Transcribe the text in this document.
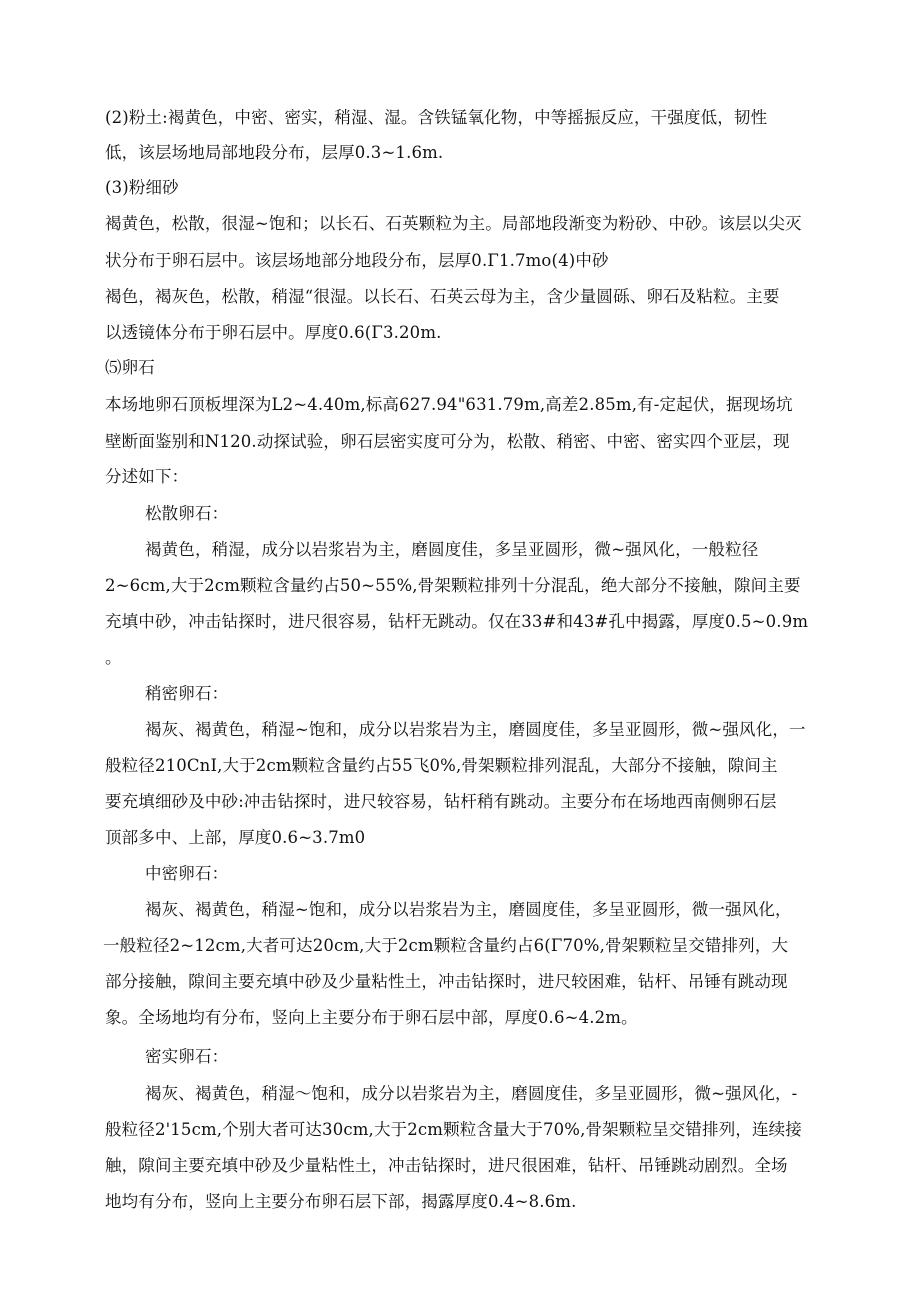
(2)粉土:褐黄色，中密、密实，稍湿、湿。含铁锰氧化物，中等摇振反应，干强度低，韧性
低，该层场地局部地段分布，层厚0.3~1.6m.
(3)粉细砂
褐黄色，松散，很湿~饱和；以长石、石英颗粒为主。局部地段渐变为粉砂、中砂。该层以尖灭
状分布于卵石层中。该层场地部分地段分布，层厚0.Γ1.7mo(4)中砂
褐色，褐灰色，松散，稍湿“很湿。以长石、石英云母为主，含少量圆砾、卵石及粘粒。主要
以透镜体分布于卵石层中。厚度0.6(Γ3.20m.
⑸卵石
本场地卵石顶板埋深为L2~4.40m,标高627.94"631.79m,高差2.85m,有-定起伏，据现场坑
壁断面鉴别和N120.动探试验，卵石层密实度可分为，松散、稍密、中密、密实四个亚层，现
分述如下：
松散卵石：
褐黄色，稍湿，成分以岩浆岩为主，磨圆度佳，多呈亚圆形，微~强风化，一般粒径
2~6cm,大于2cm颗粒含量约占50~55%,骨架颗粒排列十分混乱，绝大部分不接触，隙间主要
充填中砂，冲击钻探时，进尺很容易，钻杆无跳动。仅在33#和43#孔中揭露，厚度0.5~0.9m
。
稍密卵石：
褐灰、褐黄色，稍湿~饱和，成分以岩浆岩为主，磨圆度佳，多呈亚圆形，微~强风化，一
般粒径210CnI,大于2cm颗粒含量约占55飞0%,骨架颗粒排列混乱，大部分不接触，隙间主
要充填细砂及中砂:冲击钻探时，进尺较容易，钻杆稍有跳动。主要分布在场地西南侧卵石层
顶部多中、上部，厚度0.6~3.7m0
中密卵石：
褐灰、褐黄色，稍湿~饱和，成分以岩浆岩为主，磨圆度佳，多呈亚圆形，微一强风化，
一般粒径2~12cm,大者可达20cm,大于2cm颗粒含量约占6(Γ70%,骨架颗粒呈交错排列，大
部分接触，隙间主要充填中砂及少量粘性土，冲击钻探时，进尺较困难，钻杆、吊锤有跳动现
象。全场地均有分布，竖向上主要分布于卵石层中部，厚度0.6~4.2m。
密实卵石：
褐灰、褐黄色，稍湿～饱和，成分以岩浆岩为主，磨圆度佳，多呈亚圆形，微~强风化，-
般粒径2'15cm,个别大者可达30cm,大于2cm颗粒含量大于70%,骨架颗粒呈交错排列，连续接
触，隙间主要充填中砂及少量粘性土，冲击钻探时，进尺很困难，钻杆、吊锤跳动剧烈。全场
地均有分布，竖向上主要分布卵石层下部，揭露厚度0.4~8.6m.
